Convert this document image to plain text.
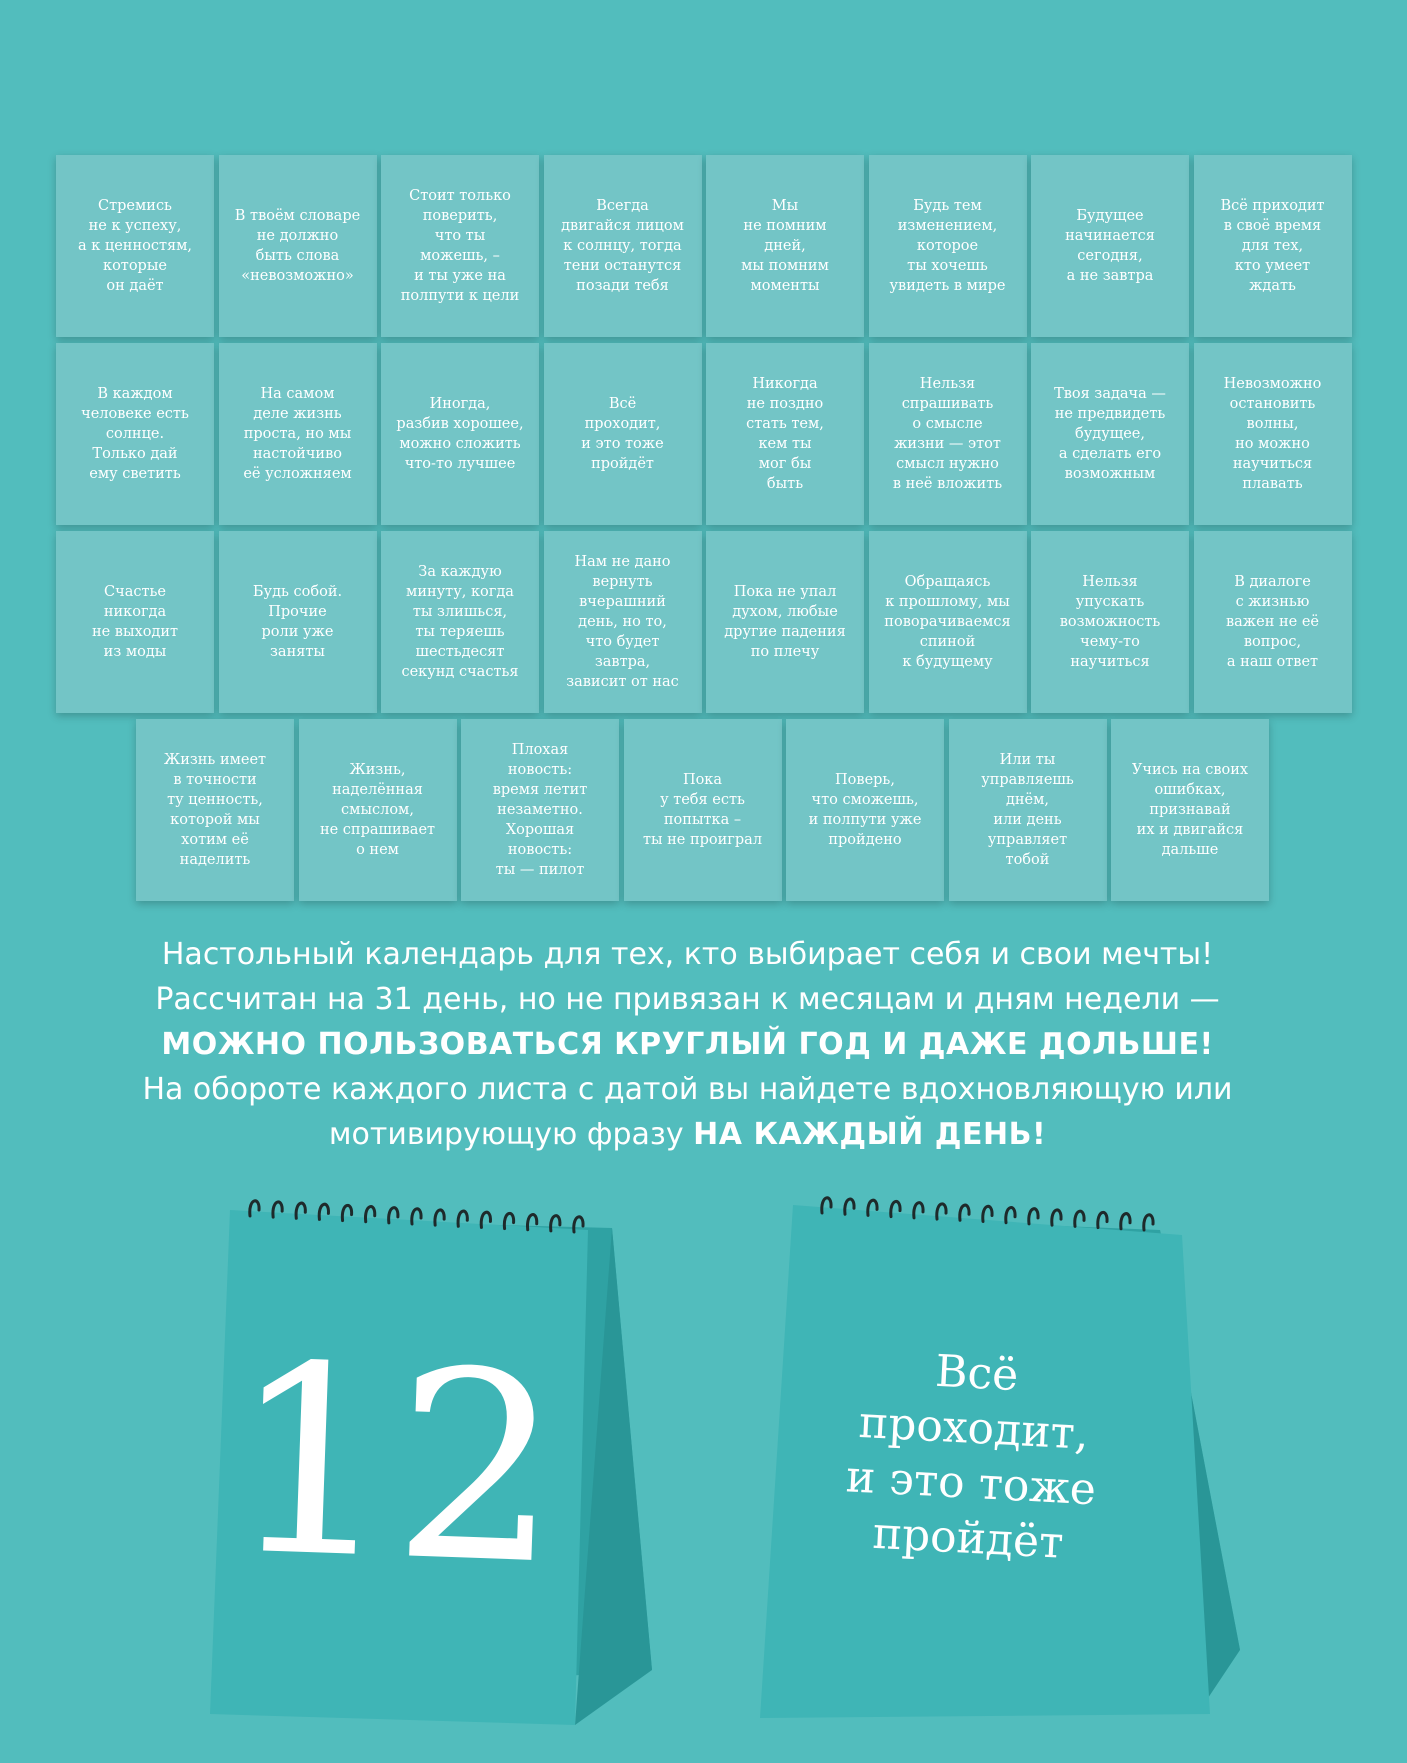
Стремись
не к успеху,
а к ценностям,
которые
он даёт
В твоём словаре
не должно
быть слова
«невозможно»
Стоит только
поверить,
что ты
можешь, –
и ты уже на
полпути к цели
Всегда
двигайся лицом
к солнцу, тогда
тени останутся
позади тебя
Мы
не помним
дней,
мы помним
моменты
Будь тем
изменением,
которое
ты хочешь
увидеть в мире
Будущее
начинается
сегодня,
а не завтра
Всё приходит
в своё время
для тех,
кто умеет
ждать
В каждом
человеке есть
солнце.
Только дай
ему светить
На самом
деле жизнь
проста, но мы
настойчиво
её усложняем
Иногда,
разбив хорошее,
можно сложить
что-то лучшее
Всё
проходит,
и это тоже
пройдёт
Никогда
не поздно
стать тем,
кем ты
мог бы
быть
Нельзя
спрашивать
о смысле
жизни — этот
смысл нужно
в неё вложить
Твоя задача —
не предвидеть
будущее,
а сделать его
возможным
Невозможно
остановить
волны,
но можно
научиться
плавать
Счастье
никогда
не выходит
из моды
Будь собой.
Прочие
роли уже
заняты
За каждую
минуту, когда
ты злишься,
ты теряешь
шестьдесят
секунд счастья
Нам не дано
вернуть
вчерашний
день, но то,
что будет
завтра,
зависит от нас
Пока не упал
духом, любые
другие падения
по плечу
Обращаясь
к прошлому, мы
поворачиваемся
спиной
к будущему
Нельзя
упускать
возможность
чему-то
научиться
В диалоге
с жизнью
важен не её
вопрос,
а наш ответ
Жизнь имеет
в точности
ту ценность,
которой мы
хотим её
наделить
Жизнь,
наделённая
смыслом,
не спрашивает
о нем
Плохая
новость:
время летит
незаметно.
Хорошая
новость:
ты — пилот
Пока
у тебя есть
попытка –
ты не проиграл
Поверь,
что сможешь,
и полпути уже
пройдено
Или ты
управляешь
днём,
или день
управляет
тобой
Учись на своих
ошибках,
признавай
их и двигайся
дальше
Настольный календарь для тех, кто выбирает себя и свои мечты!
Рассчитан на 31 день, но не привязан к месяцам и дням недели —
МОЖНО ПОЛЬЗОВАТЬСЯ КРУГЛЫЙ ГОД И ДАЖЕ ДОЛЬШЕ!
На обороте каждого листа с датой вы найдете вдохновляющую или
мотивирующую фразу НА КАЖДЫЙ ДЕНЬ!
12	Всё
проходит,
и это тоже
пройдёт
